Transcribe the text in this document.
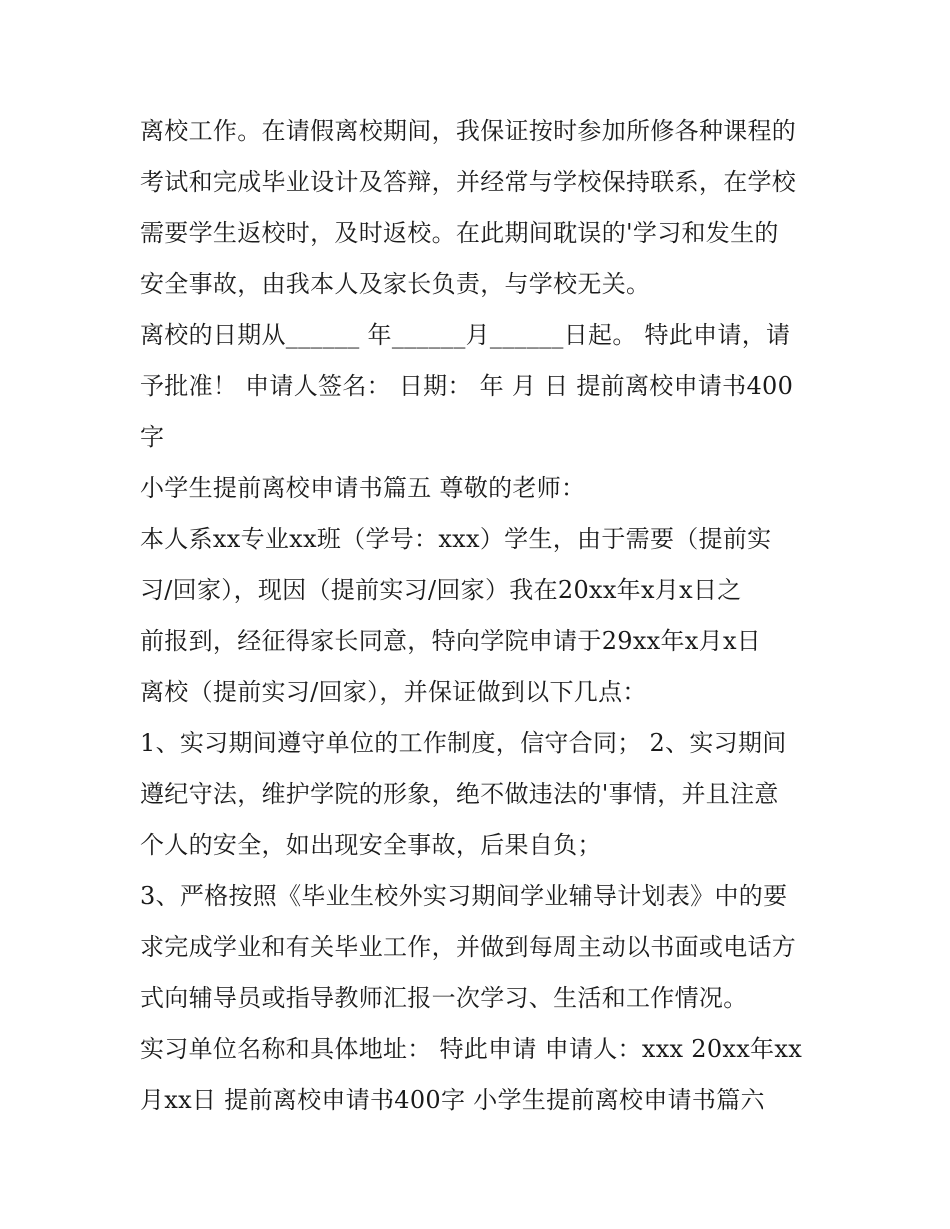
离校工作。在请假离校期间，我保证按时参加所修各种课程的
考试和完成毕业设计及答辩，并经常与学校保持联系，在学校
需要学生返校时，及时返校。在此期间耽误的'学习和发生的
安全事故，由我本人及家长负责，与学校无关。
离校的日期从______ 年______月______日起。 特此申请，请
予批准！ 申请人签名： 日期： 年 月 日 提前离校申请书400
字
小学生提前离校申请书篇五 尊敬的老师：
本人系xx专业xx班（学号：xxx）学生，由于需要（提前实
习/回家），现因（提前实习/回家）我在20xx年x月x日之
前报到，经征得家长同意，特向学院申请于29xx年x月x日
离校（提前实习/回家），并保证做到以下几点：
1、实习期间遵守单位的工作制度，信守合同； 2、实习期间
遵纪守法，维护学院的形象，绝不做违法的'事情，并且注意
个人的安全，如出现安全事故，后果自负；
3、严格按照《毕业生校外实习期间学业辅导计划表》中的要
求完成学业和有关毕业工作，并做到每周主动以书面或电话方
式向辅导员或指导教师汇报一次学习、生活和工作情况。
实习单位名称和具体地址： 特此申请 申请人：xxx 20xx年xx
月xx日 提前离校申请书400字 小学生提前离校申请书篇六
